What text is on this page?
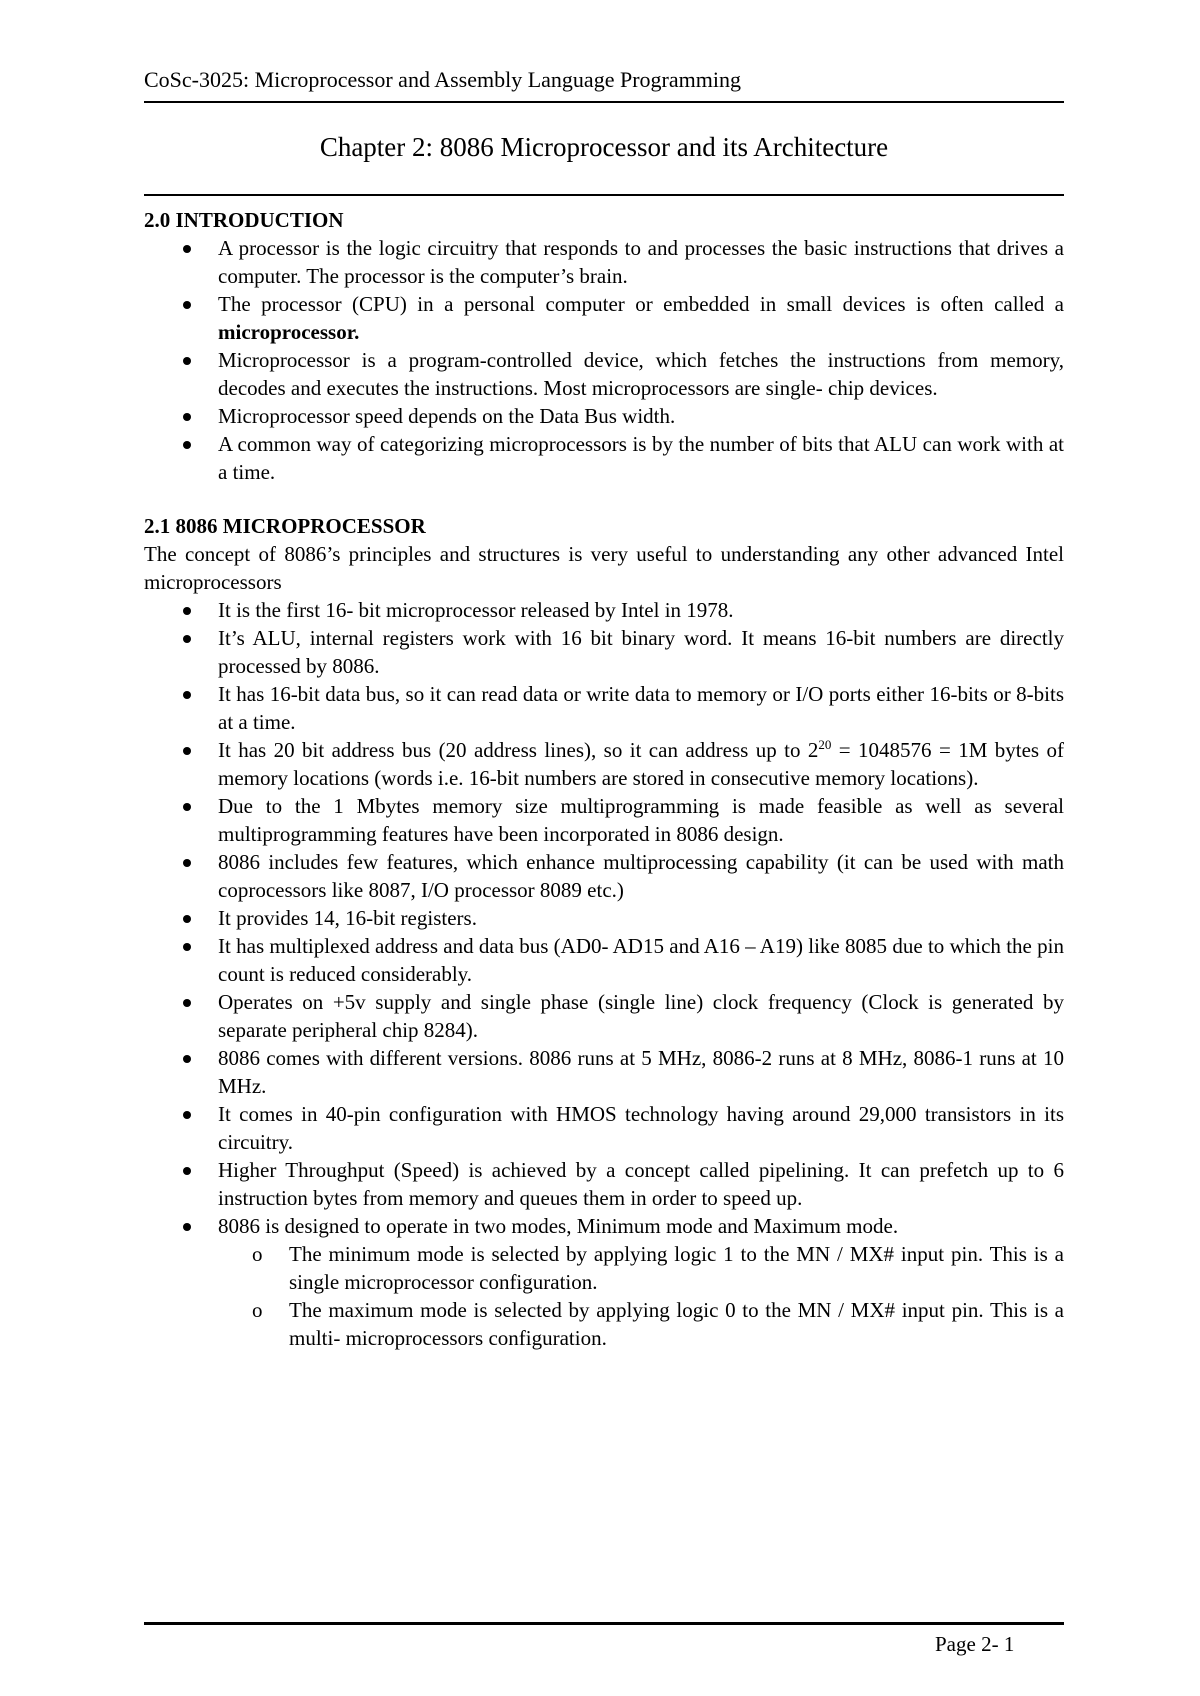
CoSc-3025: Microprocessor and Assembly Language Programming
Chapter 2: 8086 Microprocessor and its Architecture

2.0 INTRODUCTION

A processor is the logic circuitry that responds to and processes the basic instructions that drives a computer. The processor is the computer’s brain.
The processor (CPU) in a personal computer or embedded in small devices is often called a microprocessor.
Microprocessor is a program-controlled device, which fetches the instructions from memory, decodes and executes the instructions. Most microprocessors are single- chip devices.
Microprocessor speed depends on the Data Bus width.
A common way of categorizing microprocessors is by the number of bits that ALU can work with at a time.

2.1 8086 MICROPROCESSOR

The concept of 8086’s principles and structures is very useful to understanding any other advanced Intel microprocessors

It is the first 16- bit microprocessor released by Intel in 1978.
It’s ALU, internal registers work with 16 bit binary word. It means 16-bit numbers are directly processed by 8086.
It has 16-bit data bus, so it can read data or write data to memory or I/O ports either 16-bits or 8-bits at a time.
It has 20 bit address bus (20 address lines), so it can address up to $2^{20} = 1048576 = 1M$ bytes of memory locations (words i.e. 16-bit numbers are stored in consecutive memory locations).
Due to the 1 Mbytes memory size multiprogramming is made feasible as well as several multiprogramming features have been incorporated in 8086 design.
8086 includes few features, which enhance multiprocessing capability (it can be used with math coprocessors like 8087, I/O processor 8089 etc.)
It provides 14, 16-bit registers.
It has multiplexed address and data bus (AD0- AD15 and A16 – A19) like 8085 due to which the pin count is reduced considerably.
Operates on +5v supply and single phase (single line) clock frequency (Clock is generated by separate peripheral chip 8284).
8086 comes with different versions. 8086 runs at 5 MHz, 8086-2 runs at 8 MHz, 8086-1 runs at 10 MHz.
It comes in 40-pin configuration with HMOS technology having around 29,000 transistors in its circuitry.
Higher Throughput (Speed) is achieved by a concept called pipelining. It can prefetch up to 6 instruction bytes from memory and queues them in order to speed up.
8086 is designed to operate in two modes, Minimum mode and Maximum mode.
o The minimum mode is selected by applying logic 1 to the MN / MX# input pin. This is a single microprocessor configuration.
o The maximum mode is selected by applying logic 0 to the MN / MX# input pin. This is a multi- microprocessors configuration.
Page 2- 1
